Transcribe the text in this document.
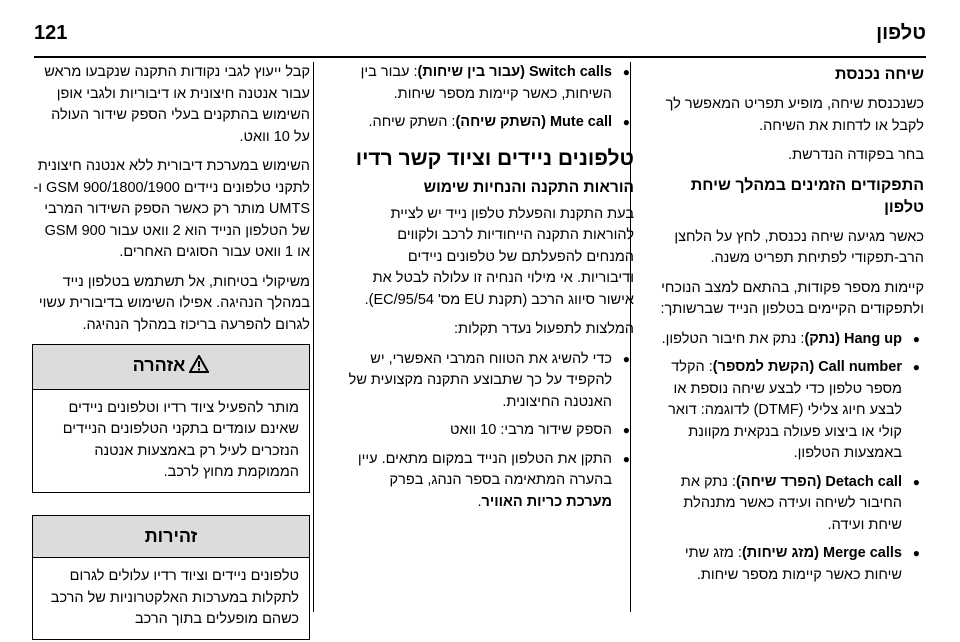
טלפון
121
שיחה נכנסת

כשנכנסת שיחה, מופיע תפריט המאפשר לך לקבל או לדחות את השיחה.

בחר בפקודה הנדרשת.

התפקודים הזמינים במהלך שיחת טלפון

כאשר מגיעה שיחה נכנסת, לחץ על הלחצן הרב-תפקודי לפתיחת תפריט משנה.

קיימות מספר פקודות, בהתאם למצב הנוכחי ולתפקודים הקיימים בטלפון הנייד שברשותך:

●
Hang up (נתק): נתק את חיבור הטלפון.
●
Call number (הקשת למספר): הקלד מספר טלפון כדי לבצע שיחה נוספת או לבצע חיוג צלילי (DTMF) לדוגמה: דואר קולי או ביצוע פעולה בנקאית מקוונת באמצעות הטלפון.
●
Detach call (הפרד שיחה): נתק את החיבור לשיחה ועידה כאשר מתנהלת שיחת ועידה.
●
Merge calls (מזג שיחות): מזג שתי שיחות כאשר קיימות מספר שיחות.
●
Switch calls (עבור בין שיחות): עבור בין השיחות, כאשר קיימות מספר שיחות.
●
Mute call (השתק שיחה): השתק שיחה.
טלפונים ניידים וציוד קשר רדיו
הוראות התקנה והנחיות שימוש

בעת התקנת והפעלת טלפון נייד יש לציית להוראות התקנה הייחודיות לרכב ולקווים המנחים להפעלתם של טלפונים ניידים ודיבוריות. אי מילוי הנחיה זו עלולה לבטל את אישור סיווג הרכב (תקנת EU מס' 95/54/EC).

המלצות לתפעול נעדר תקלות:

●
כדי להשיג את הטווח המרבי האפשרי, יש להקפיד על כך שתבוצע התקנה מקצועית של האנטנה החיצונית.
●
הספק שידור מרבי: 10 וואט
●
התקן את הטלפון הנייד במקום מתאים. עיין בהערה המתאימה בספר הנהג, בפרק מערכת כריות האוויר.

קבל ייעוץ לגבי נקודות התקנה שנקבעו מראש עבור אנטנה חיצונית או דיבוריות ולגבי אופן השימוש בהתקנים בעלי הספק שידור העולה על 10 וואט.

השימוש במערכת דיבורית ללא אנטנה חיצונית לתקני טלפונים ניידים GSM 900/1800/1900 ו-UMTS מותר רק כאשר הספק השידור המרבי של הטלפון הנייד הוא 2 וואט עבור GSM 900 או 1 וואט עבור הסוגים האחרים.

משיקולי בטיחות, אל תשתמש בטלפון נייד במהלך הנהיגה. אפילו השימוש בדיבורית עשוי לגרום להפרעה בריכוז במהלך הנהיגה.

אזהרה
מותר להפעיל ציוד רדיו וטלפונים ניידים שאינם עומדים בתקני הטלפונים הניידים הנזכרים לעיל רק באמצעות אנטנה הממוקמת מחוץ לרכב.
זהירות
טלפונים ניידים וציוד רדיו עלולים לגרום לתקלות במערכות האלקטרוניות של הרכב כשהם מופעלים בתוך הרכב
